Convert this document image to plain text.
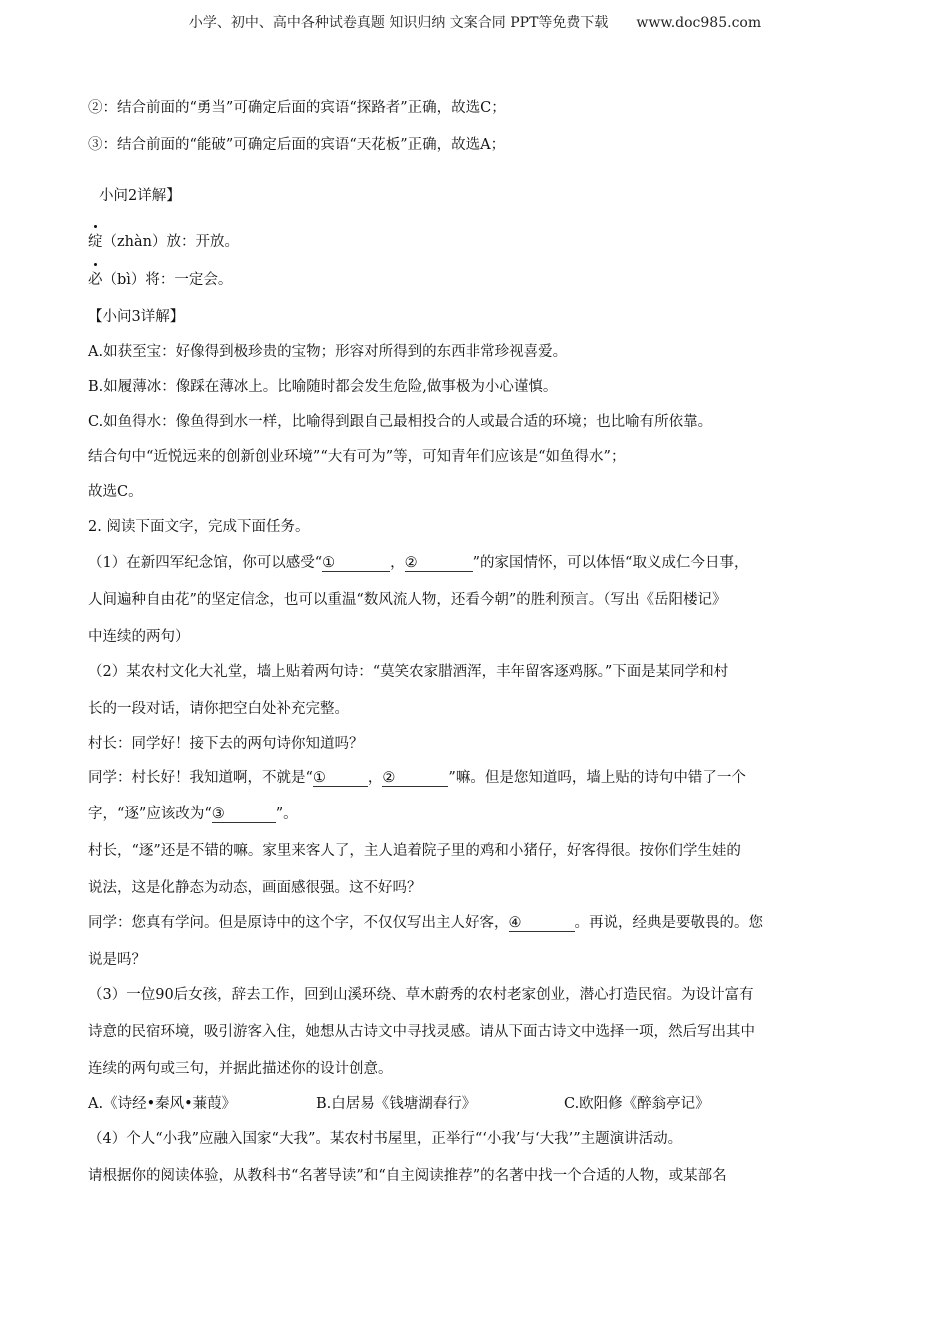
小学、初中、高中各种试卷真题 知识归纳 文案合同 PPT等免费下载 www.doc985.com
②：结合前面的“勇当”可确定后面的宾语“探路者”正确，故选C；
③：结合前面的“能破”可确定后面的宾语“天花板”正确，故选A；
小问2详解】
绽（zhàn）放：开放。
必（bì）将：一定会。
【小问3详解】
A.如获至宝：好像得到极珍贵的宝物；形容对所得到的东西非常珍视喜爱。
B.如履薄冰：像踩在薄冰上。比喻随时都会发生危险,做事极为小心谨慎。
C.如鱼得水：像鱼得到水一样，比喻得到跟自己最相投合的人或最合适的环境；也比喻有所依靠。
结合句中“近悦远来的创新创业环境”“大有可为”等，可知青年们应该是“如鱼得水”；
故选C。
2. 阅读下面文字，完成下面任务。
（1）在新四军纪念馆，你可以感受“①	，②	”的家国情怀，可以体悟“取义成仁今日事，
人间遍种自由花”的坚定信念，也可以重温“数风流人物，还看今朝”的胜利预言。（写出《岳阳楼记》
中连续的两句）
（2）某农村文化大礼堂，墙上贴着两句诗：“莫笑农家腊酒浑，丰年留客逐鸡豚。”下面是某同学和村
长的一段对话，请你把空白处补充完整。
村长：同学好！接下去的两句诗你知道吗？
同学：村长好！我知道啊，不就是“①	，②	”嘛。但是您知道吗，墙上贴的诗句中错了一个
字，“逐”应该改为“③	”。
村长，“逐”还是不错的嘛。家里来客人了，主人追着院子里的鸡和小猪仔，好客得很。按你们学生娃的
说法，这是化静态为动态，画面感很强。这不好吗？
同学：您真有学问。但是原诗中的这个字，不仅仅写出主人好客，④	。再说，经典是要敬畏的。您
说是吗？
（3）一位90后女孩，辞去工作，回到山溪环绕、草木蔚秀的农村老家创业，潜心打造民宿。为设计富有
诗意的民宿环境，吸引游客入住，她想从古诗文中寻找灵感。请从下面古诗文中选择一项，然后写出其中
连续的两句或三句，并据此描述你的设计创意。
A.《诗经•秦风•蒹葭》	B.白居易《钱塘湖春行》	C.欧阳修《醉翁亭记》
（4）个人“小我”应融入国家“大我”。某农村书屋里，正举行“‘小我’与‘大我’”主题演讲活动。
请根据你的阅读体验，从教科书“名著导读”和“自主阅读推荐”的名著中找一个合适的人物，或某部名
